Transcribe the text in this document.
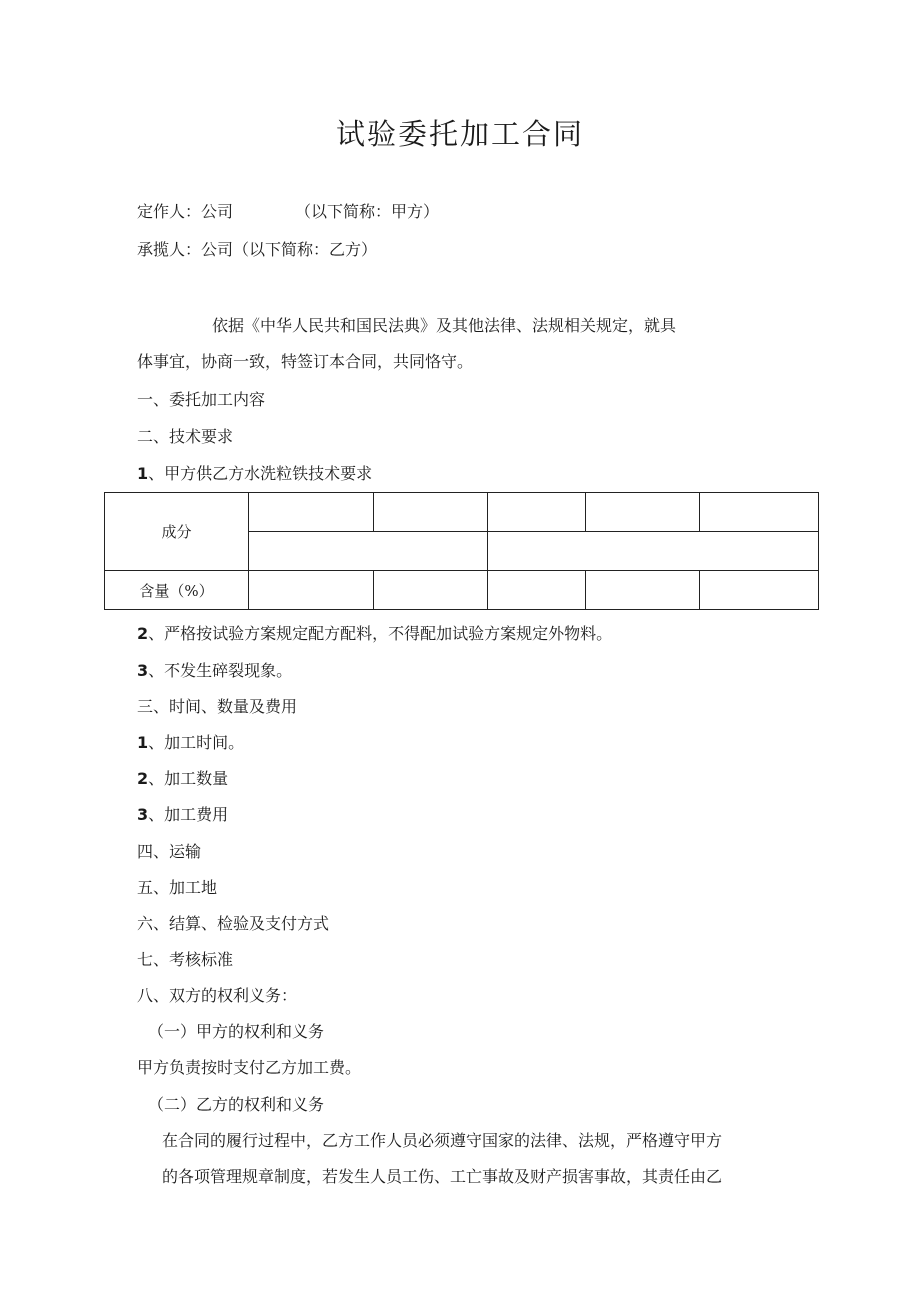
试验委托加工合同
定作人：公司	（以下简称：甲方）
承揽人：公司（以下简称：乙方）
依据《中华人民共和国民法典》及其他法律、法规相关规定，就具
体事宜，协商一致，特签订本合同，共同恪守。
一、委托加工内容
二、技术要求
1、甲方供乙方水洗粒铁技术要求
成分					

含量（%）					
2、严格按试验方案规定配方配料，不得配加试验方案规定外物料。
3、不发生碎裂现象。
三、时间、数量及费用
1、加工时间。
2、加工数量
3、加工费用
四、运输
五、加工地
六、结算、检验及支付方式
七、考核标准
八、双方的权利义务：
（一）甲方的权利和义务
甲方负责按时支付乙方加工费。
（二）乙方的权利和义务
在合同的履行过程中，乙方工作人员必须遵守国家的法律、法规，严格遵守甲方
的各项管理规章制度，若发生人员工伤、工亡事故及财产损害事故，其责任由乙
